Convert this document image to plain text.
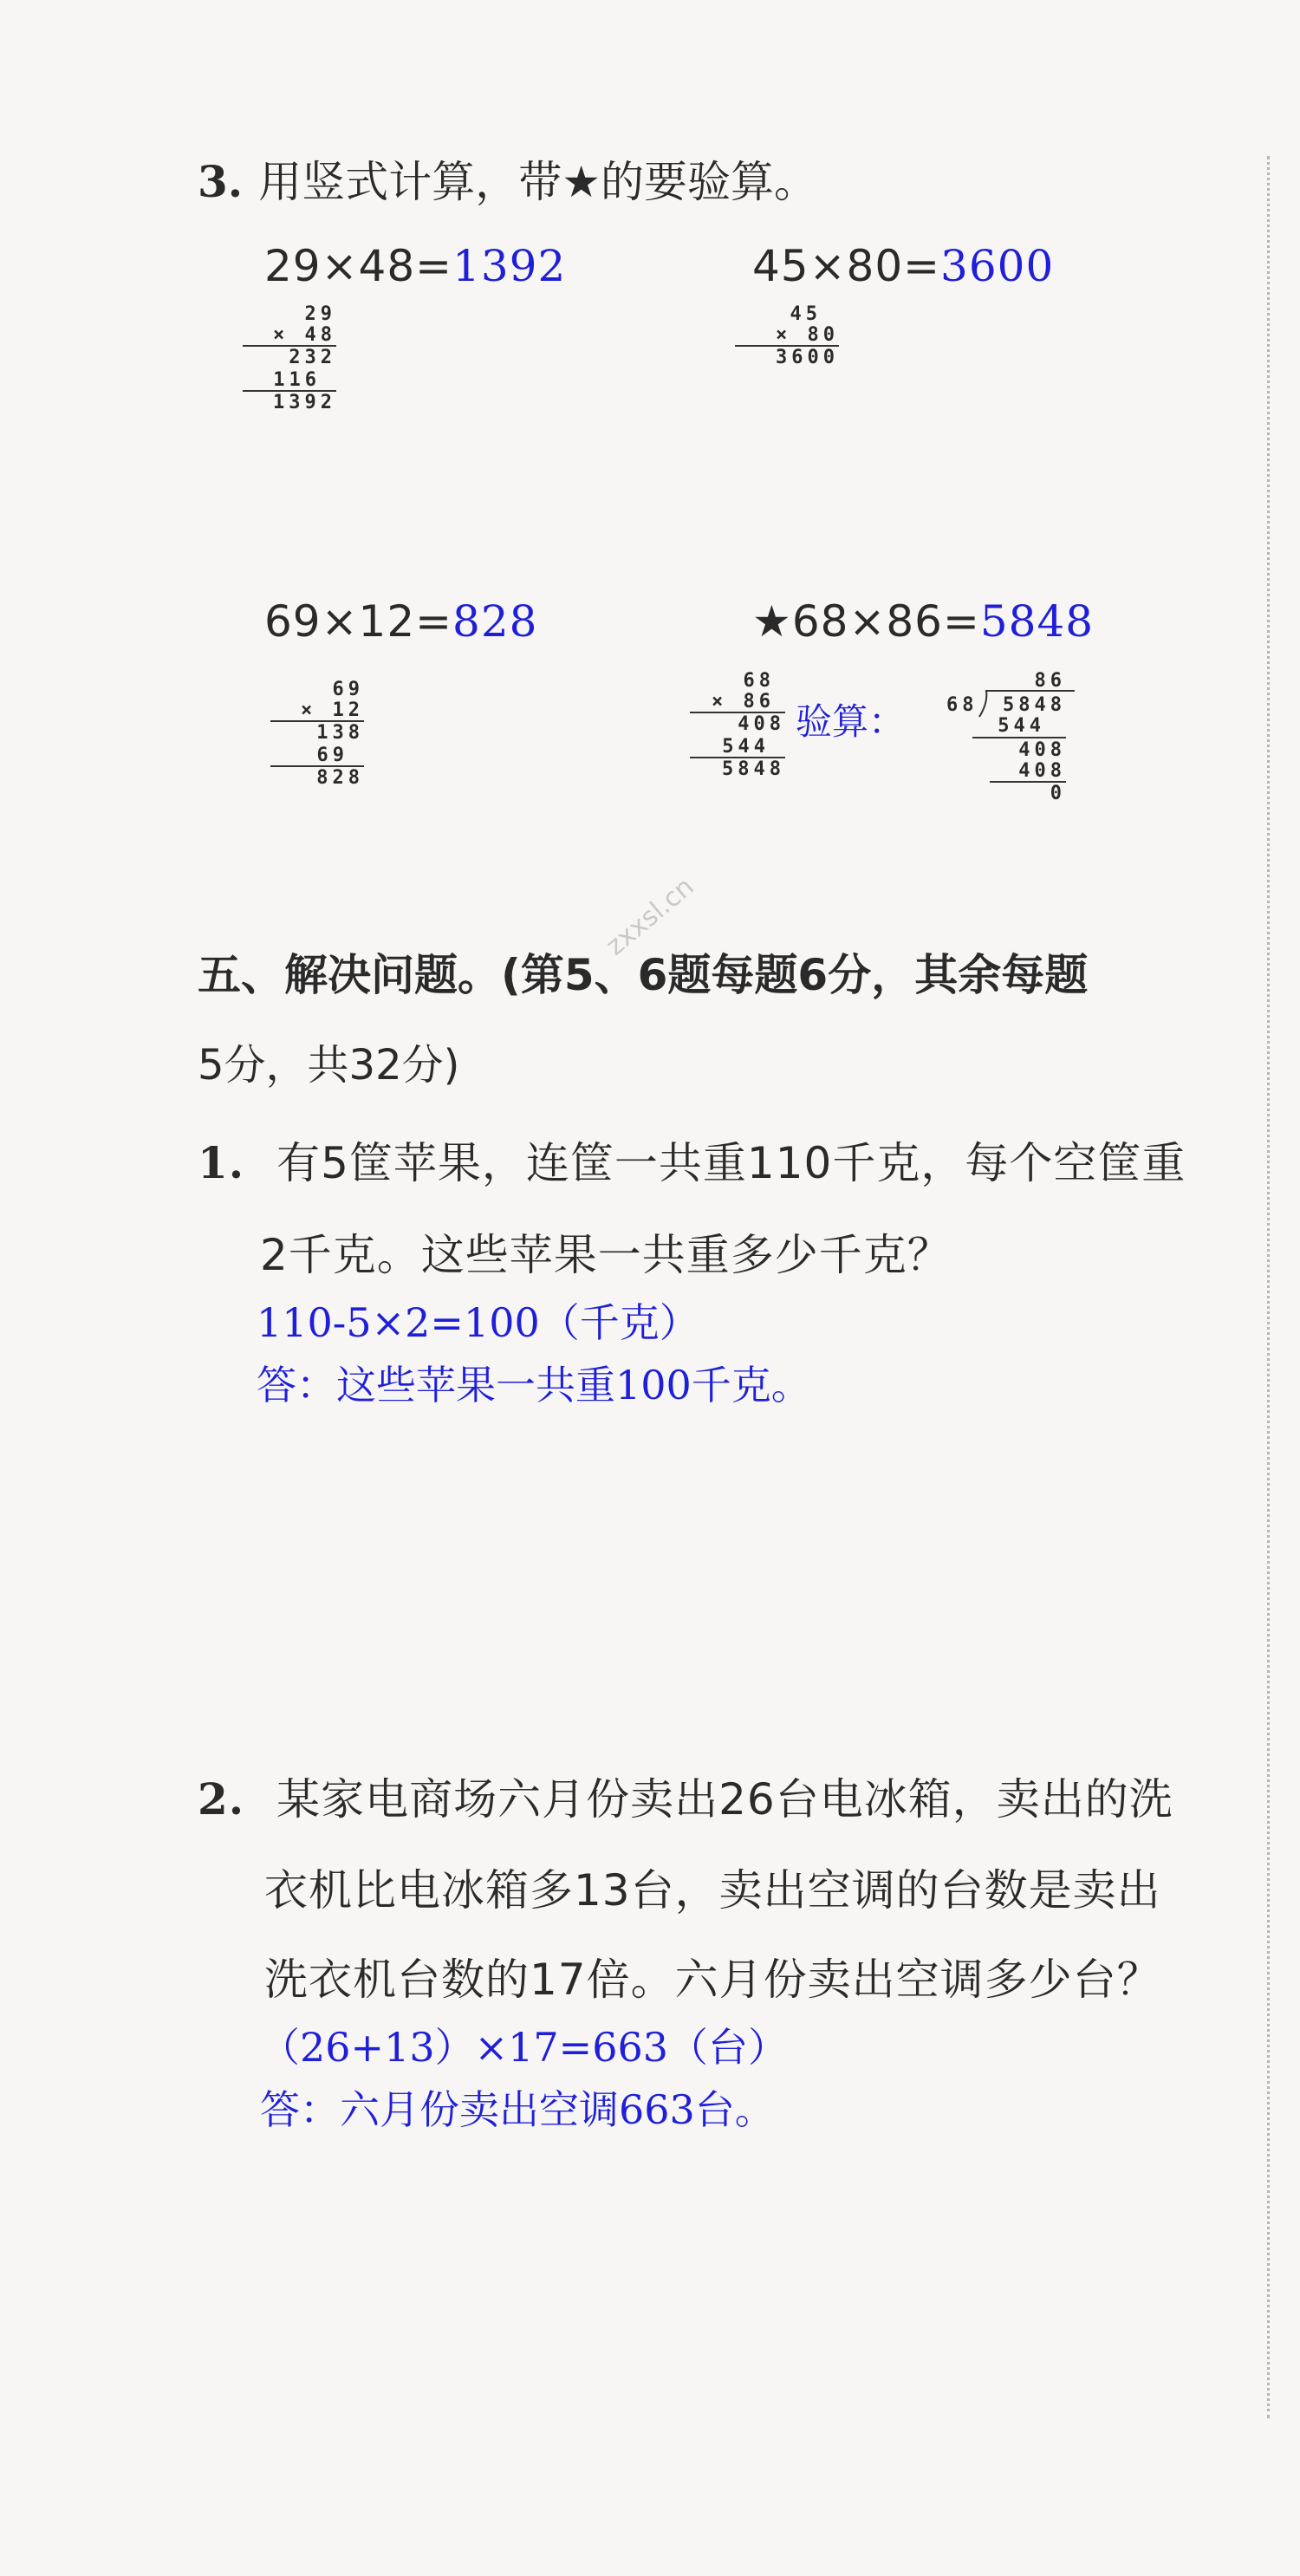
3. 用竖式计算，带★的要验算。
29×48=1392
29
× 48
232
116
1392
45×80=3600
45
× 80
3600
69×12=828
69
× 12
138
69
828
★68×86=5848
68
× 86
408
544
5848
验算：
86
68 5848
544
408
408
0
zxxsl.cn
五、解决问题。(第5、6题每题6分，其余每题
5分，共32分)
1. 有5筐苹果，连筐一共重110千克，每个空筐重
2千克。这些苹果一共重多少千克？
110-5×2=100（千克）
答：这些苹果一共重100千克。
2. 某家电商场六月份卖出26台电冰箱，卖出的洗
衣机比电冰箱多13台，卖出空调的台数是卖出
洗衣机台数的17倍。六月份卖出空调多少台？
（26+13）×17=663（台）
答：六月份卖出空调663台。
